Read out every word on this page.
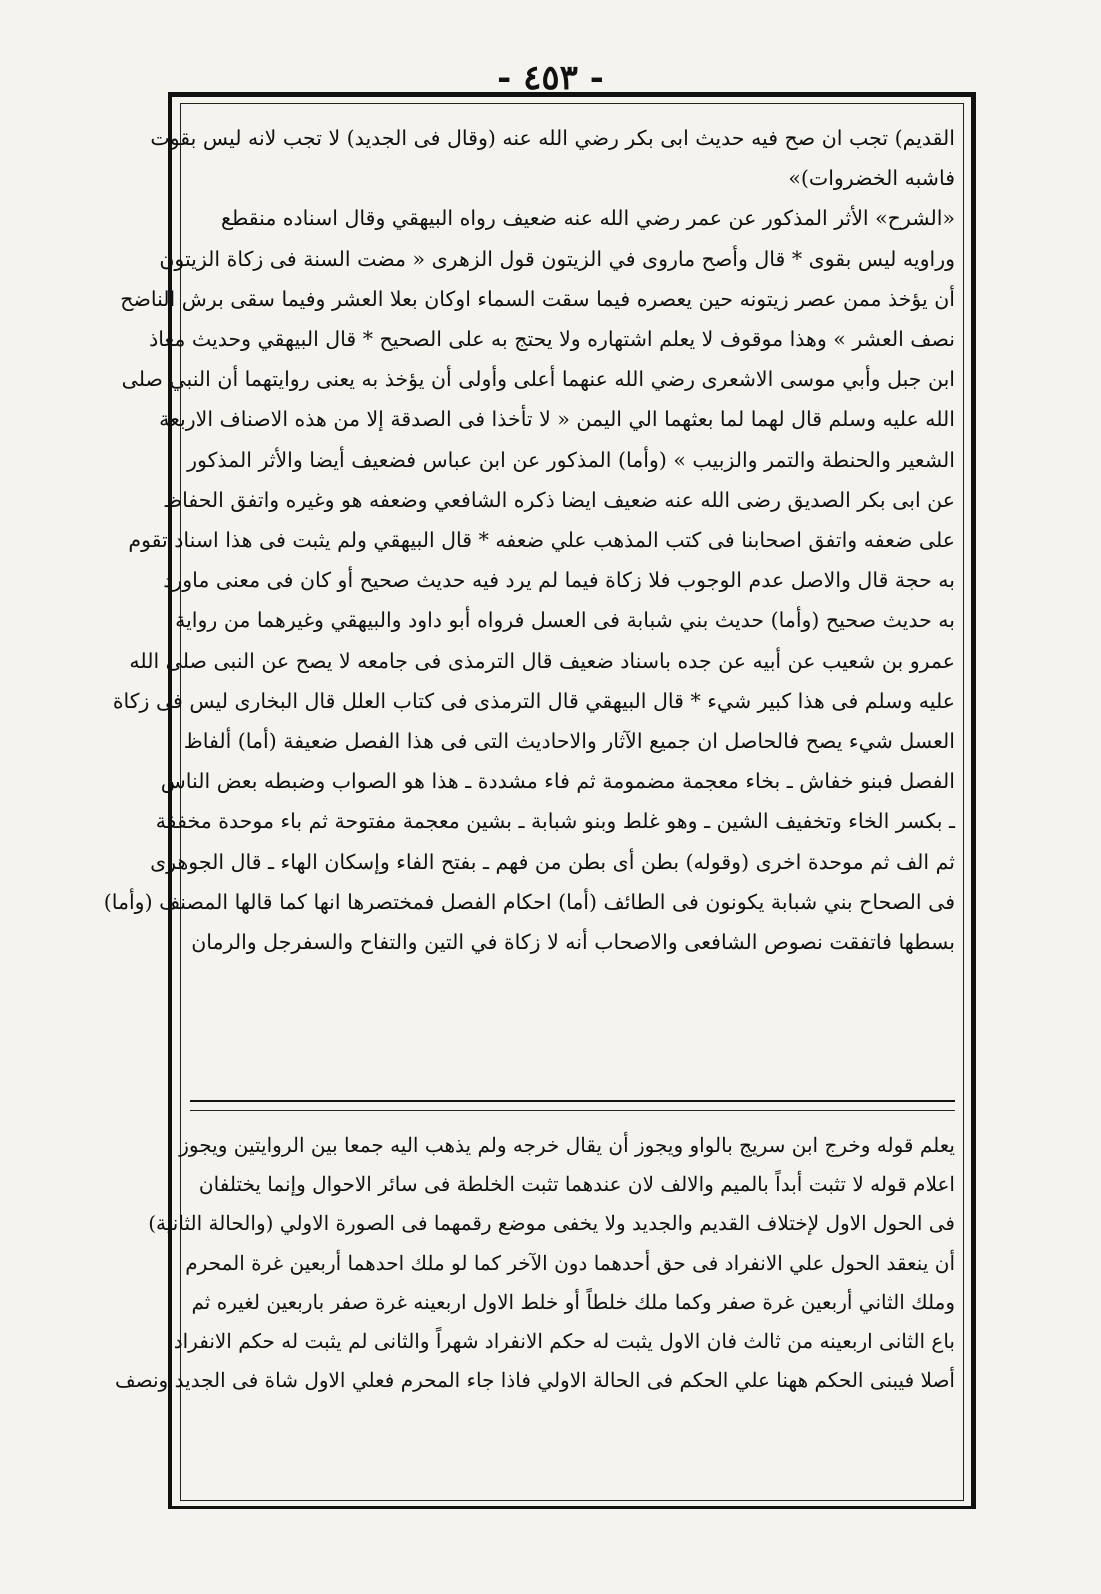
- ٤٥٣ -

القديم) تجب ان صح فيه حديث ابى بكر رضي الله عنه (وقال فى الجديد) لا تجب لانه ليس بقوت

فاشبه الخضروات)»

«الشرح» الأثر المذكور عن عمر رضي الله عنه ضعيف رواه البيهقي وقال اسناده منقطع

وراويه ليس بقوى * قال وأصح ماروى في الزيتون قول الزهرى « مضت السنة فى زكاة الزيتون

أن يؤخذ ممن عصر زيتونه حين يعصره فيما سقت السماء اوكان بعلا العشر وفيما سقى برش الناضح

نصف العشر » وهذا موقوف لا يعلم اشتهاره ولا يحتج به على الصحيح * قال البيهقي وحديث معاذ

ابن جبل وأبي موسى الاشعرى رضي الله عنهما أعلى وأولى أن يؤخذ به يعنى روايتهما أن النبي صلى

الله عليه وسلم قال لهما لما بعثهما الي اليمن « لا تأخذا فى الصدقة إلا من هذه الاصناف الاربعة

الشعير والحنطة والتمر والزبيب » (وأما) المذكور عن ابن عباس فضعيف أيضا والأثر المذكور

عن ابى بكر الصديق رضى الله عنه ضعيف ايضا ذكره الشافعي وضعفه هو وغيره واتفق الحفاظ

على ضعفه واتفق اصحابنا فى كتب المذهب علي ضعفه * قال البيهقي ولم يثبت فى هذا اسناد تقوم

به حجة قال والاصل عدم الوجوب فلا زكاة فيما لم يرد فيه حديث صحيح أو كان فى معنى ماورد

به حديث صحيح (وأما) حديث بني شبابة فى العسل فرواه أبو داود والبيهقي وغيرهما من رواية

عمرو بن شعيب عن أبيه عن جده باسناد ضعيف قال الترمذى فى جامعه لا يصح عن النبى صلى الله

عليه وسلم فى هذا كبير شيء * قال البيهقي قال الترمذى فى كتاب العلل قال البخارى ليس فى زكاة

العسل شيء يصح فالحاصل ان جميع الآثار والاحاديث التى فى هذا الفصل ضعيفة (أما) ألفاظ

الفصل فبنو خفاش ـ بخاء معجمة مضمومة ثم فاء مشددة ـ هذا هو الصواب وضبطه بعض الناس

ـ بكسر الخاء وتخفيف الشين ـ وهو غلط وبنو شبابة ـ بشين معجمة مفتوحة ثم باء موحدة مخففة

ثم الف ثم موحدة اخرى (وقوله) بطن أى بطن من فهم ـ بفتح الفاء وإسكان الهاء ـ قال الجوهرى

فى الصحاح بني شبابة يكونون فى الطائف (أما) احكام الفصل فمختصرها انها كما قالها المصنف (وأما)

بسطها فاتفقت نصوص الشافعى والاصحاب أنه لا زكاة في التين والتفاح والسفرجل والرمان

يعلم قوله وخرج ابن سريج بالواو ويجوز أن يقال خرجه ولم يذهب اليه جمعا بين الروايتين ويجوز

اعلام قوله لا تثبت أبداً بالميم والالف لان عندهما تثبت الخلطة فى سائر الاحوال وإنما يختلفان

فى الحول الاول لإختلاف القديم والجديد ولا يخفى موضع رقمهما فى الصورة الاولي (والحالة الثانية)

أن ينعقد الحول علي الانفراد فى حق أحدهما دون الآخر كما لو ملك احدهما أربعين غرة المحرم

وملك الثاني أربعين غرة صفر وكما ملك خلطاً أو خلط الاول اربعينه غرة صفر باربعين لغيره ثم

باع الثانى اربعينه من ثالث فان الاول يثبت له حكم الانفراد شهراً والثانى لم يثبت له حكم الانفراد

أصلا فيبنى الحكم ههنا علي الحكم فى الحالة الاولي فاذا جاء المحرم فعلي الاول شاة فى الجديد ونصف
